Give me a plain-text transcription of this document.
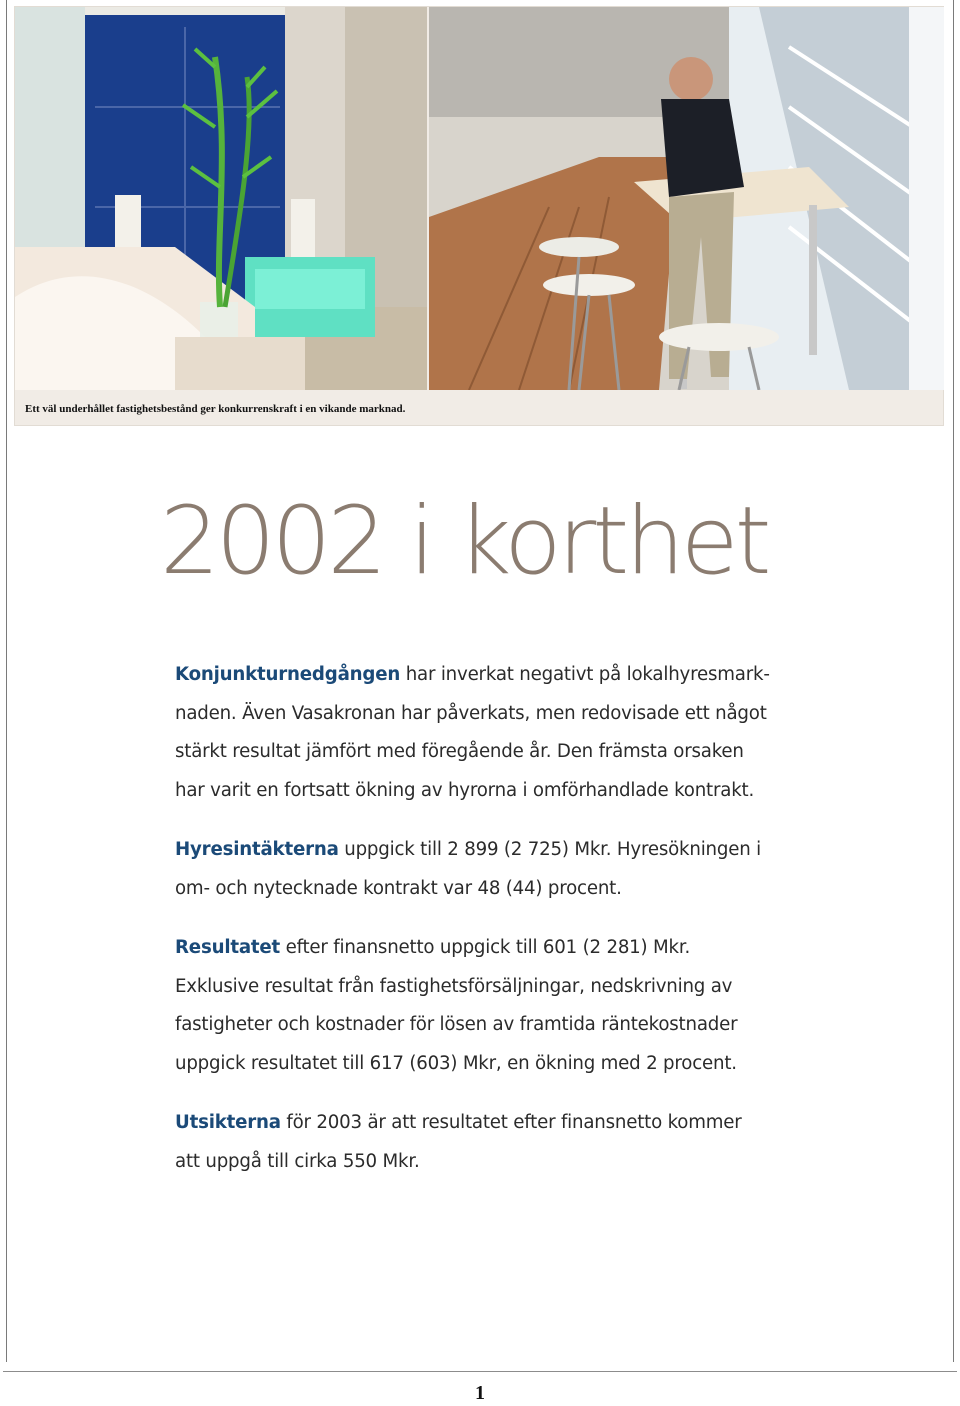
Ett väl underhållet fastighetsbestånd ger konkurrenskraft i en vikande marknad.
2002 i korthet

Konjunkturnedgången har inverkat negativt på lokalhyresmark-
naden. Även Vasakronan har påverkats, men redovisade ett något
stärkt resultat jämfört med föregående år. Den främsta orsaken
har varit en fortsatt ökning av hyrorna i omförhandlade kontrakt.

Hyresintäkterna uppgick till 2 899 (2 725) Mkr. Hyresökningen i
om- och nytecknade kontrakt var 48 (44) procent.

Resultatet efter finansnetto uppgick till 601 (2 281) Mkr.
Exklusive resultat från fastighetsförsäljningar, nedskrivning av
fastigheter och kostnader för lösen av framtida räntekostnader
uppgick resultatet till 617 (603) Mkr, en ökning med 2 procent.

Utsikterna för 2003 är att resultatet efter finansnetto kommer
att uppgå till cirka 550 Mkr.

1
